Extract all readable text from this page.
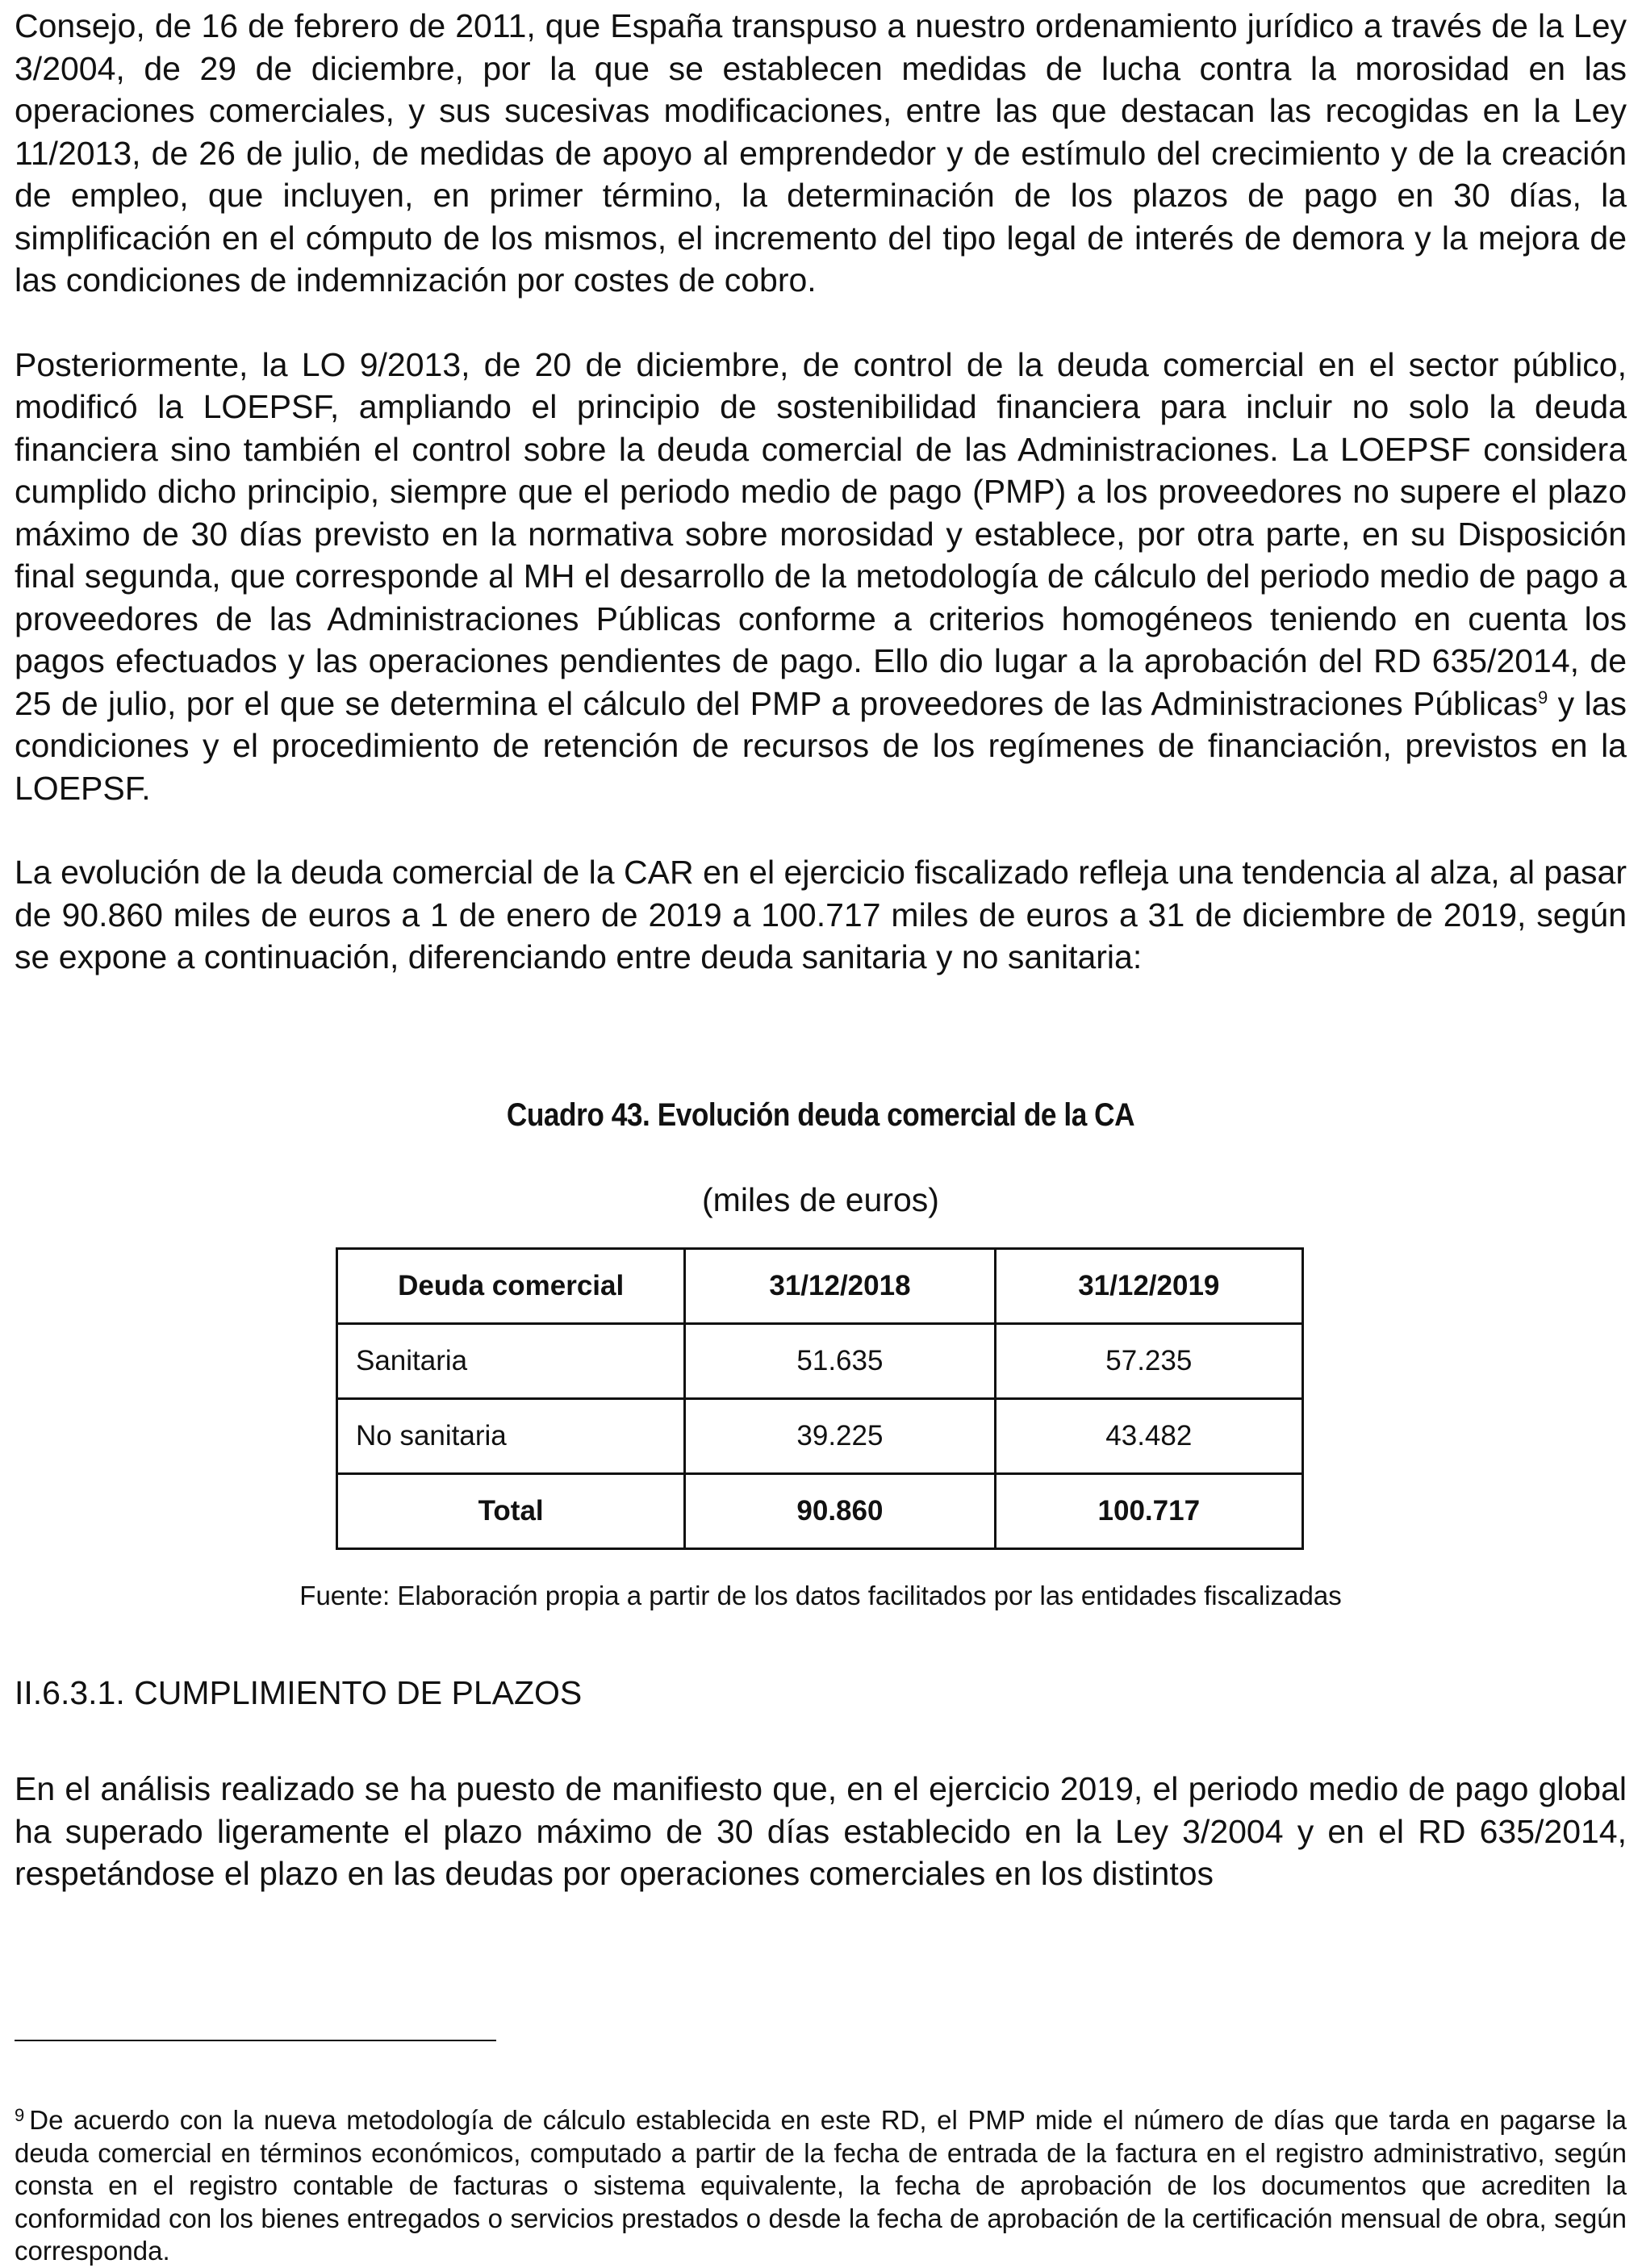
Consejo, de 16 de febrero de 2011, que España transpuso a nuestro ordenamiento jurídico a través de la Ley 3/2004, de 29 de diciembre, por la que se establecen medidas de lucha contra la morosidad en las operaciones comerciales, y sus sucesivas modificaciones, entre las que destacan las recogidas en la Ley 11/2013, de 26 de julio, de medidas de apoyo al emprendedor y de estímulo del crecimiento y de la creación de empleo, que incluyen, en primer término, la determinación de los plazos de pago en 30 días, la simplificación en el cómputo de los mismos, el incremento del tipo legal de interés de demora y la mejora de las condiciones de indemnización por costes de cobro.

Posteriormente, la LO 9/2013, de 20 de diciembre, de control de la deuda comercial en el sector público, modificó la LOEPSF, ampliando el principio de sostenibilidad financiera para incluir no solo la deuda financiera sino también el control sobre la deuda comercial de las Administraciones. La LOEPSF considera cumplido dicho principio, siempre que el periodo medio de pago (PMP) a los proveedores no supere el plazo máximo de 30 días previsto en la normativa sobre morosidad y establece, por otra parte, en su Disposición final segunda, que corresponde al MH el desarrollo de la metodología de cálculo del periodo medio de pago a proveedores de las Administraciones Públicas conforme a criterios homogéneos teniendo en cuenta los pagos efectuados y las operaciones pendientes de pago. Ello dio lugar a la aprobación del RD 635/2014, de 25 de julio, por el que se determina el cálculo del PMP a proveedores de las Administraciones Públicas$^9$ y las condiciones y el procedimiento de retención de recursos de los regímenes de financiación, previstos en la LOEPSF.

La evolución de la deuda comercial de la CAR en el ejercicio fiscalizado refleja una tendencia al alza, al pasar de 90.860 miles de euros a 1 de enero de 2019 a 100.717 miles de euros a 31 de diciembre de 2019, según se expone a continuación, diferenciando entre deuda sanitaria y no sanitaria:

Cuadro 43. Evolución deuda comercial de la CA
(miles de euros)
Deuda comercial	31/12/2018	31/12/2019
Sanitaria	51.635	57.235
No sanitaria	39.225	43.482
Total	90.860	100.717
Fuente: Elaboración propia a partir de los datos facilitados por las entidades fiscalizadas
II.6.3.1. CUMPLIMIENTO DE PLAZOS

En el análisis realizado se ha puesto de manifiesto que, en el ejercicio 2019, el periodo medio de pago global ha superado ligeramente el plazo máximo de 30 días establecido en la Ley 3/2004 y en el RD 635/2014, respetándose el plazo en las deudas por operaciones comerciales en los distintos

$^9$ De acuerdo con la nueva metodología de cálculo establecida en este RD, el PMP mide el número de días que tarda en pagarse la deuda comercial en términos económicos, computado a partir de la fecha de entrada de la factura en el registro administrativo, según consta en el registro contable de facturas o sistema equivalente, la fecha de aprobación de los documentos que acrediten la conformidad con los bienes entregados o servicios prestados o desde la fecha de aprobación de la certificación mensual de obra, según corresponda.
